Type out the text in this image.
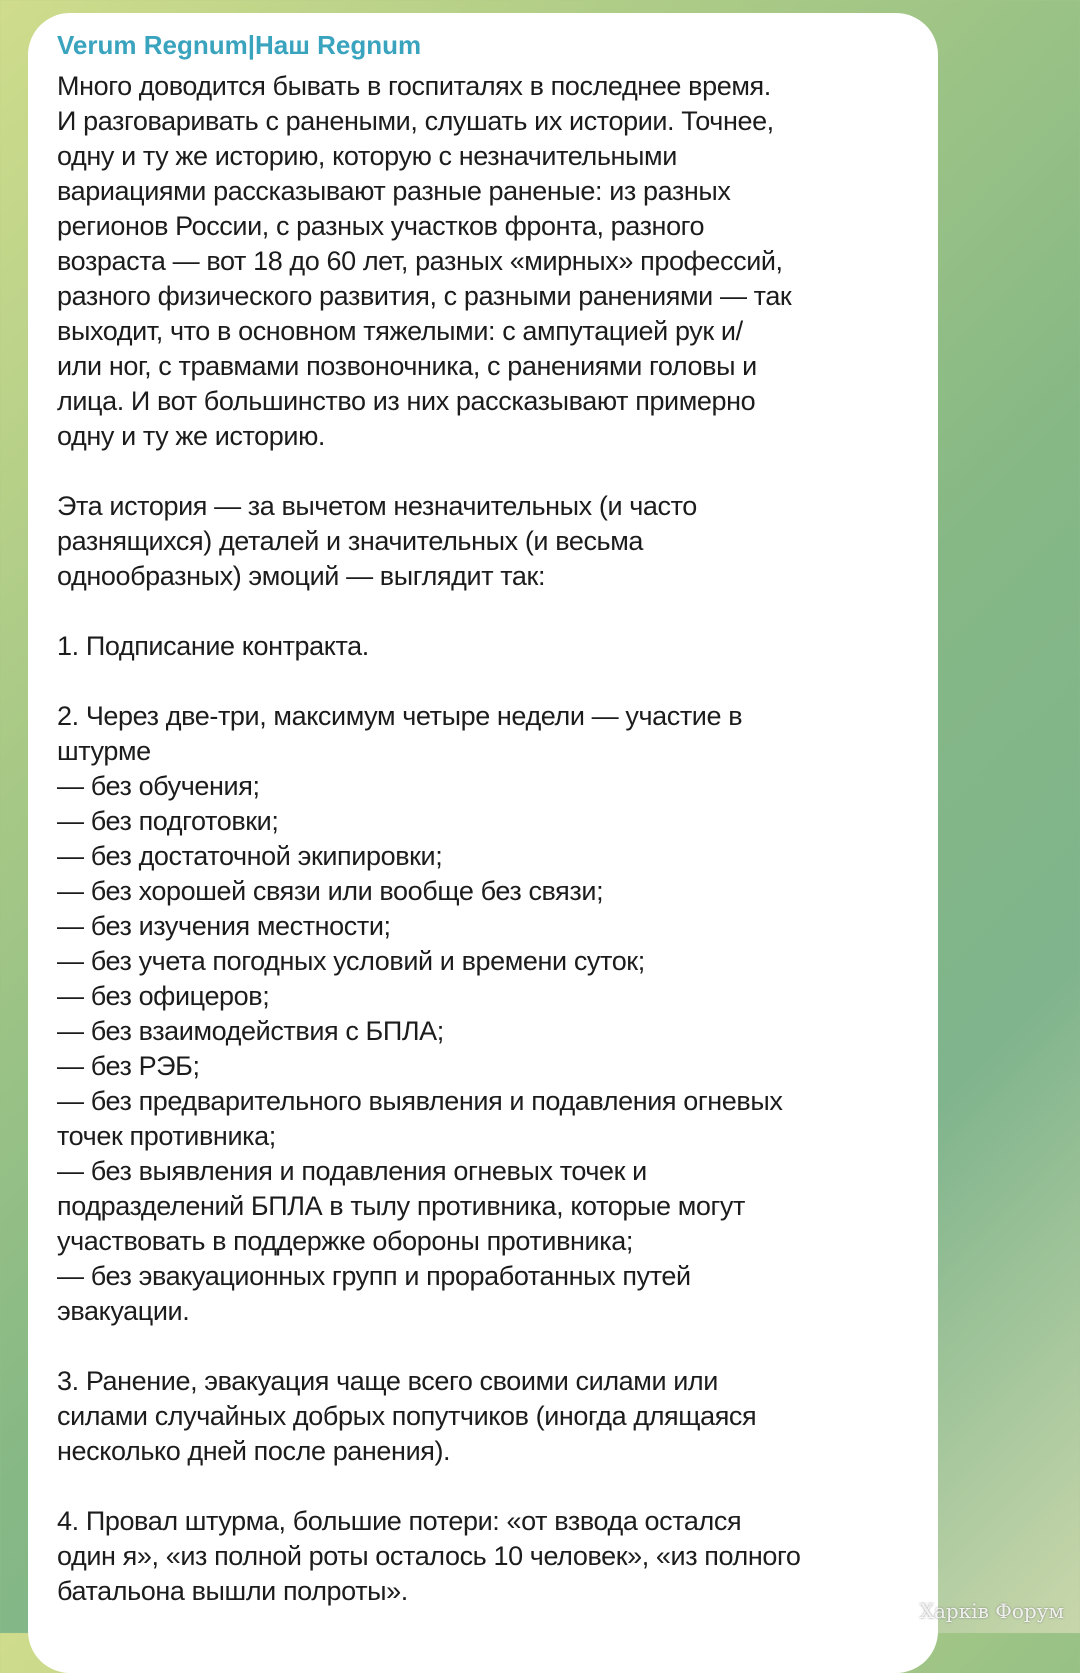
Verum Regnum|Наш Regnum
Много доводится бывать в госпиталях в последнее время.
И разговаривать с ранеными, слушать их истории. Точнее,
одну и ту же историю, которую с незначительными
вариациями рассказывают разные раненые: из разных
регионов России, с разных участков фронта, разного
возраста — вот 18 до 60 лет, разных «мирных» профессий,
разного физического развития, с разными ранениями — так
выходит, что в основном тяжелыми: с ампутацией рук и/
или ног, с травмами позвоночника, с ранениями головы и
лица. И вот большинство из них рассказывают примерно
одну и ту же историю.
Эта история — за вычетом незначительных (и часто
разнящихся) деталей и значительных (и весьма
однообразных) эмоций — выглядит так:
1. Подписание контракта.
2. Через две-три, максимум четыре недели — участие в
штурме
— без обучения;
— без подготовки;
— без достаточной экипировки;
— без хорошей связи или вообще без связи;
— без изучения местности;
— без учета погодных условий и времени суток;
— без офицеров;
— без взаимодействия с БПЛА;
— без РЭБ;
— без предварительного выявления и подавления огневых
точек противника;
— без выявления и подавления огневых точек и
подразделений БПЛА в тылу противника, которые могут
участвовать в поддержке обороны противника;
— без эвакуационных групп и проработанных путей
эвакуации.
3. Ранение, эвакуация чаще всего своими силами или
силами случайных добрых попутчиков (иногда длящаяся
несколько дней после ранения).
4. Провал штурма, большие потери: «от взвода остался
один я», «из полной роты осталось 10 человек», «из полного
батальона вышли полроты».
Харків Форум
